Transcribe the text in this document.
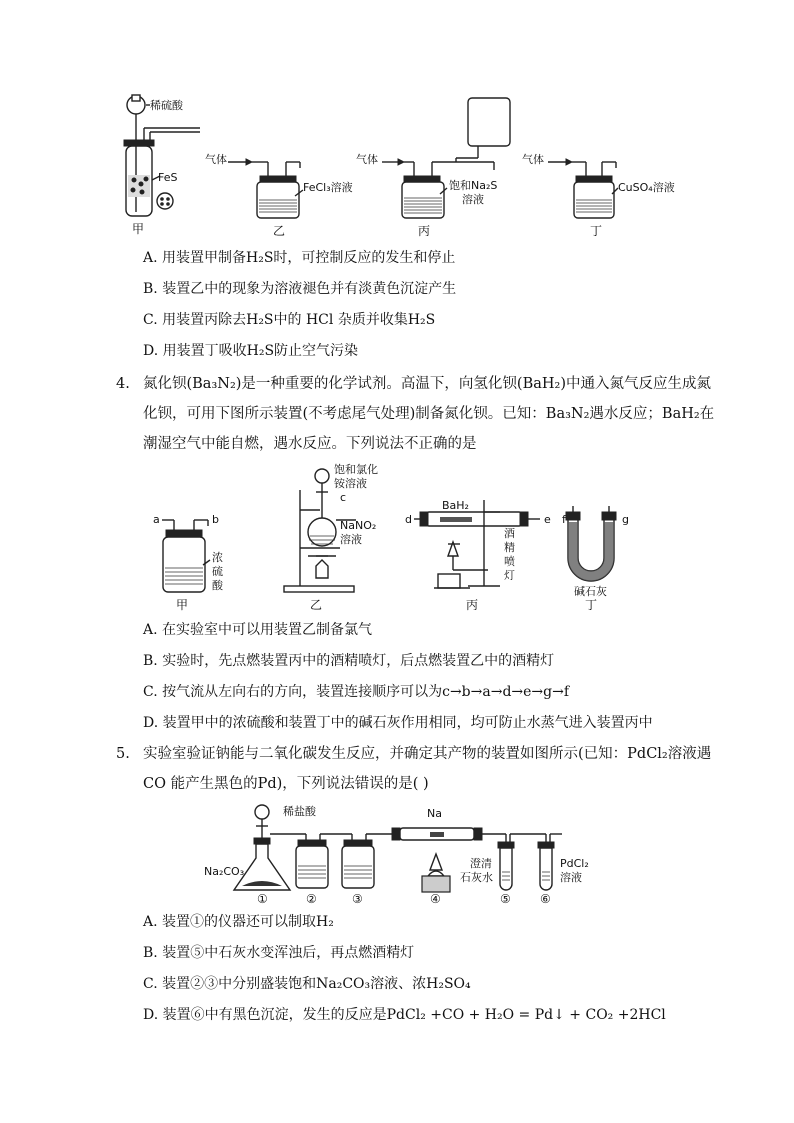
稀硫酸
FeS
气体
FeCl₃溶液
气体
饱和Na₂S
溶液
气体
CuSO₄溶液
甲	乙	丙	丁
A. 用装置甲制备H₂S时，可控制反应的发生和停止
B. 装置乙中的现象为溶液褪色并有淡黄色沉淀产生
C. 用装置丙除去H₂S中的 HCl 杂质并收集H₂S
D. 用装置丁吸收H₂S防止空气污染
4. 氮化钡(Ba₃N₂)是一种重要的化学试剂。高温下，向氢化钡(BaH₂)中通入氮气反应生成氮
化钡，可用下图所示装置(不考虑尾气处理)制备氮化钡。已知：Ba₃N₂遇水反应；BaH₂在
潮湿空气中能自燃，遇水反应。下列说法不正确的是
a	b
浓
硫
酸
饱和氯化
铵溶液
c
NaNO₂
溶液
BaH₂
d	e
酒
精
喷
灯
f	g
碱石灰
甲	乙	丙	丁
A. 在实验室中可以用装置乙制备氯气
B. 实验时，先点燃装置丙中的酒精喷灯，后点燃装置乙中的酒精灯
C. 按气流从左向右的方向，装置连接顺序可以为c→b→a→d→e→g→f
D. 装置甲中的浓硫酸和装置丁中的碱石灰作用相同，均可防止水蒸气进入装置丙中
5. 实验室验证钠能与二氧化碳发生反应，并确定其产物的装置如图所示(已知：PdCl₂溶液遇
CO 能产生黑色的Pd)，下列说法错误的是( )
稀盐酸	Na
Na₂CO₃
澄清
石灰水
PdCl₂
溶液
①	②	③	④	⑤ ⑥
A. 装置①的仪器还可以制取H₂
B. 装置⑤中石灰水变浑浊后，再点燃酒精灯
C. 装置②③中分别盛装饱和Na₂CO₃溶液、浓H₂SO₄
D. 装置⑥中有黑色沉淀，发生的反应是PdCl₂ +CO + H₂O = Pd↓ + CO₂ +2HCl
